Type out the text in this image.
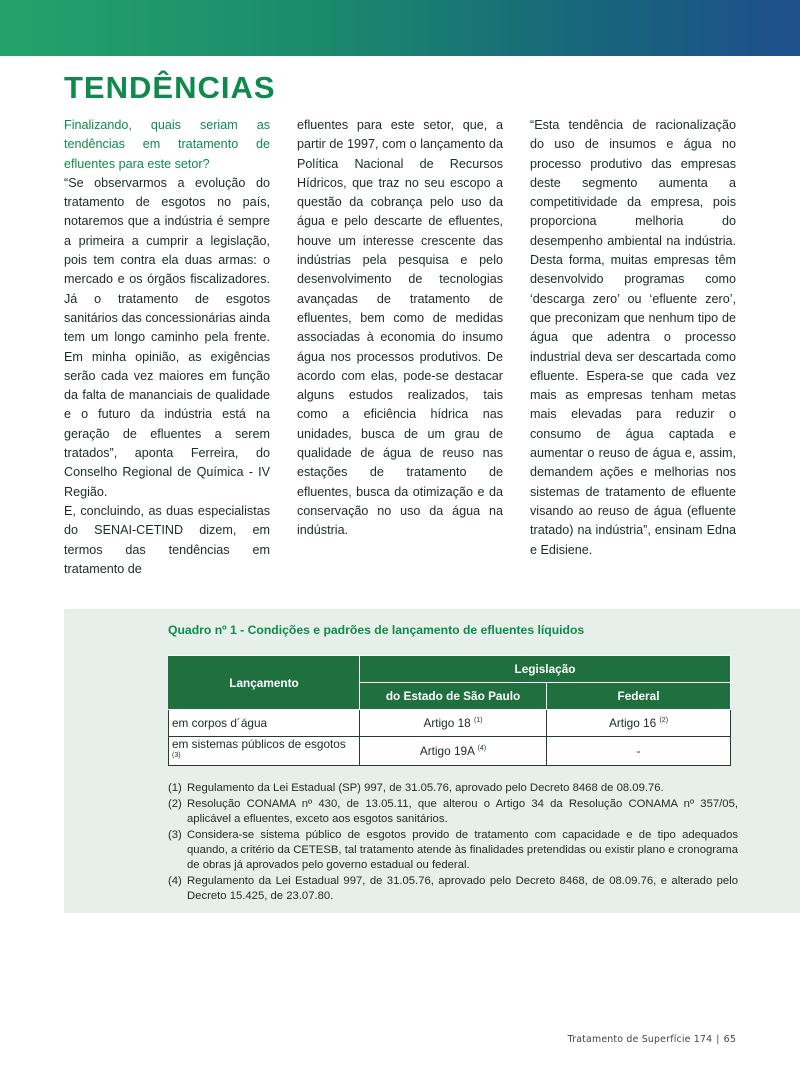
TENDÊNCIAS

Finalizando, quais seriam as tendências em tratamento de efluentes para este setor?

“Se observarmos a evolução do tratamento de esgotos no país, notaremos que a indústria é sempre a primeira a cumprir a legislação, pois tem contra ela duas armas: o mercado e os órgãos fiscalizadores. Já o tratamento de esgotos sanitários das concessionárias ainda tem um longo caminho pela frente. Em minha opinião, as exigências serão cada vez maiores em função da falta de mananciais de qualidade e o futuro da indústria está na geração de efluentes a serem tratados”, aponta Ferreira, do Conselho Regional de Química - IV Região.

E, concluindo, as duas especialistas do SENAI-CETIND dizem, em termos das tendências em tratamento de

efluentes para este setor, que, a partir de 1997, com o lançamento da Política Nacional de Recursos Hídricos, que traz no seu escopo a questão da cobrança pelo uso da água e pelo descarte de efluentes, houve um interesse crescente das indústrias pela pesquisa e pelo desenvolvimento de tecnologias avançadas de tratamento de efluentes, bem como de medidas associadas à economia do insumo água nos processos produtivos. De acordo com elas, pode-se destacar alguns estudos realizados, tais como a eficiência hídrica nas unidades, busca de um grau de qualidade de água de reuso nas estações de tratamento de efluentes, busca da otimização e da conservação no uso da água na indústria.

“Esta tendência de racionalização do uso de insumos e água no processo produtivo das empresas deste segmento aumenta a competitividade da empresa, pois proporciona melhoria do desempenho ambiental na indústria. Desta forma, muitas empresas têm desenvolvido programas como ‘descarga zero’ ou ‘efluente zero’, que preconizam que nenhum tipo de água que adentra o processo industrial deva ser descartada como efluente. Espera-se que cada vez mais as empresas tenham metas mais elevadas para reduzir o consumo de água captada e aumentar o reuso de água e, assim, demandem ações e melhorias nos sistemas de tratamento de efluente visando ao reuso de água (efluente tratado) na indústria”, ensinam Edna e Edisiene.

Quadro nº 1 - Condições e padrões de lançamento de efluentes líquidos
Lançamento	Legislação	
	do Estado de São Paulo	Federal
em corpos d´água	Artigo 18 $^{(1)}$	Artigo 16 $^{(2)}$
em sistemas públicos de esgotos $^{(3)}$	Artigo 19A $^{(4)}$	-
(1) Regulamento da Lei Estadual (SP) 997, de 31.05.76, aprovado pelo Decreto 8468 de 08.09.76.
(2) Resolução CONAMA nº 430, de 13.05.11, que alterou o Artigo 34 da Resolução CONAMA nº 357/05, aplicável a efluentes, exceto aos esgotos sanitários.
(3) Considera-se sistema público de esgotos provido de tratamento com capacidade e de tipo adequados quando, a critério da CETESB, tal tratamento atende às finalidades pretendidas ou existir plano e cronograma de obras já aprovados pelo governo estadual ou federal.
(4) Regulamento da Lei Estadual 997, de 31.05.76, aprovado pelo Decreto 8468, de 08.09.76, e alterado pelo Decreto 15.425, de 23.07.80.
Tratamento de Superfície 174 | 65
